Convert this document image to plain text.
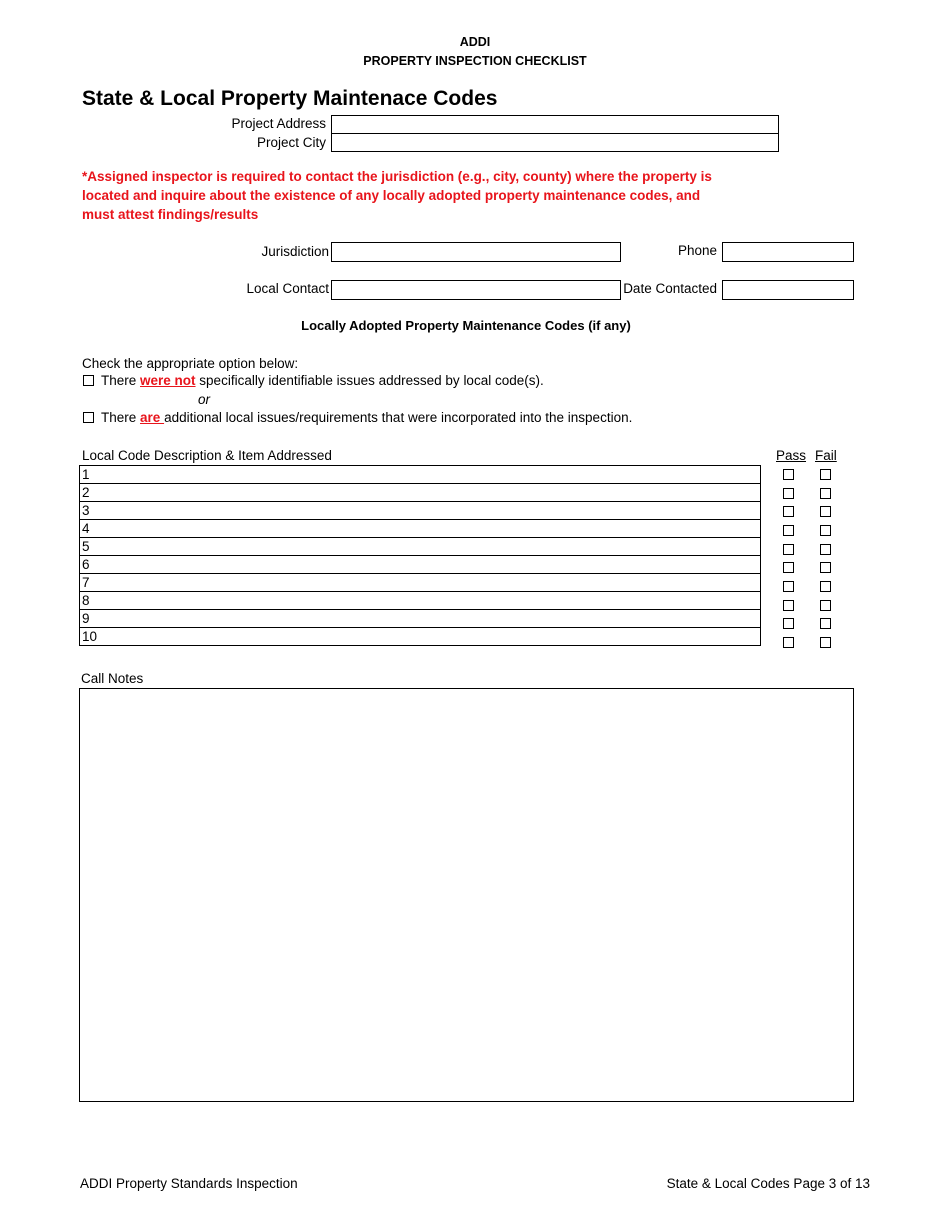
ADDI
PROPERTY INSPECTION CHECKLIST
State & Local Property Maintenace Codes
Project Address
Project City
*Assigned inspector is required to contact the jurisdiction (e.g., city, county) where the property is located and inquire about the existence of any locally adopted property maintenance codes, and must attest findings/results
Jurisdiction	Phone
Local Contact	Date Contacted
Locally Adopted Property Maintenance Codes (if any)
Check the appropriate option below:
There were not specifically identifiable issues addressed by local code(s).
or
There are additional local issues/requirements that were incorporated into the inspection.
Local Code Description & Item Addressed	Pass Fail
1
2
3
4
5
6
7
8
9
10
Call Notes
ADDI Property Standards Inspection	State & Local Codes Page 3 of 13
